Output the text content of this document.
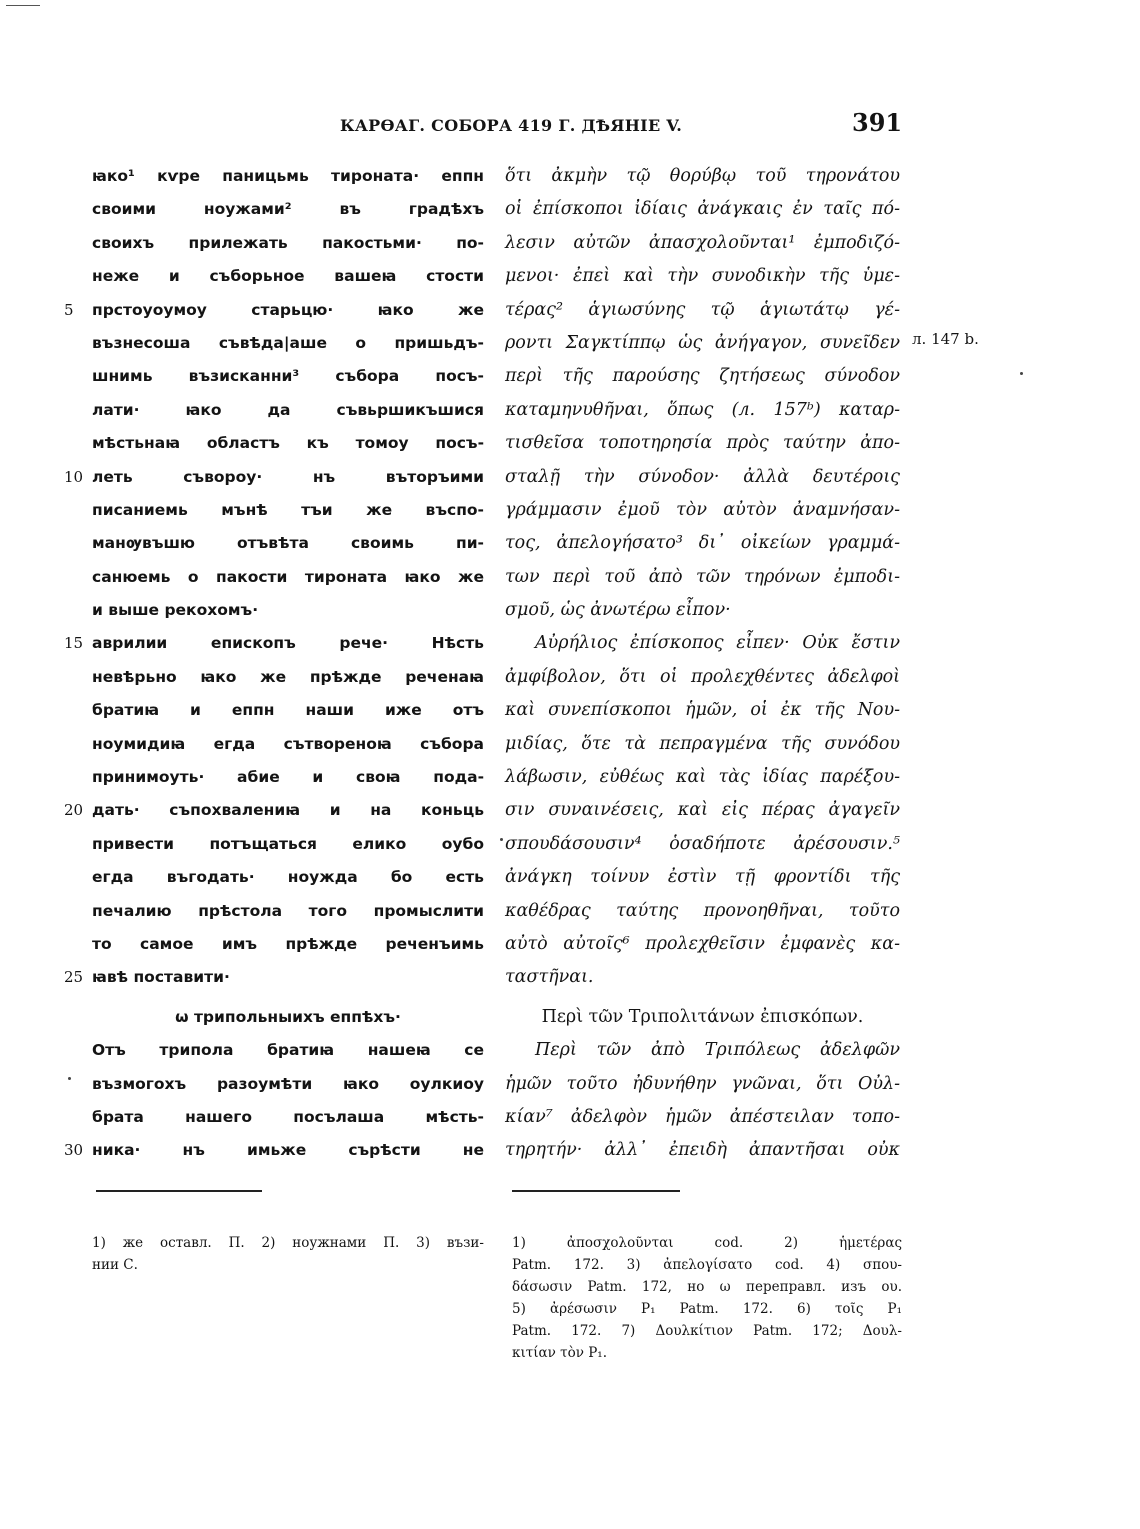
КАРѲАГ. СОБОРА 419 Г. ДѢЯНІЕ V.	391
ꙗко¹ кѵре паницьмь тироната· еппн
своими ноужами² въ градѣхъ
своихъ прилежать пакостьми· по-
неже и съборьное вашеꙗ стости
5	прстоуоумоу старьцю· ꙗко же
възнесоша съвѣда|аше о пришьдъ-
шнимь възисканни³ събора посъ-
лати· ꙗко да съвьршикъшися
мѣстьнаꙗ областъ къ томоу посъ-
10 леть съвороу· нъ въторъими
писаниемь мънѣ тъи же въспо-
манѹвъшю отъвѣта своимь пи-
санюемь о пакости тироната ꙗко же
и выше рекохомъ·
15 аврилии епископъ рече· Нѣсть
невѣрьно ꙗко же прѣжде реченаꙗ
братиꙗ и еппн наши иже отъ
ноумидиꙗ егда сътвореноꙗ събора
принимоуть· абие и своꙗ пода-
20 дать· съпохвалениꙗ и на коньць
привести потъщаться елико оубо
егда въгодать· ноужда бо есть
печалию прѣстола того промыслити
то самое имъ прѣжде реченъимь
25 ꙗвѣ поставити·
ѡ трипольныихъ еппѣхъ·
Отъ трипола братиꙗ нашеꙗ се
възмогохъ разоумѣти ꙗко оулкиоу
брата нашего посълаша мѣсть-
30 ника· нъ имьже сърѣсти не
ὅτι ἀκμὴν τῷ θορύβῳ τοῦ τηρονάτου
οἱ ἐπίσκοποι ἰδίαις ἀνάγκαις ἐν ταῖς πό-
λεσιν αὐτῶν ἀπασχολοῦνται¹ ἐμποδιζό-
μενοι· ἐπεὶ καὶ τὴν συνοδικὴν τῆς ὑμε-
τέρας² ἁγιωσύνης τῷ ἁγιωτάτῳ γέ-
ροντι Σαγκτίππῳ ὡς ἀνήγαγον, συνεῖδεν
περὶ τῆς παρούσης ζητήσεως σύνοδον
καταμηνυθῆναι, ὅπως (л. 157ᵇ) καταρ-
τισθεῖσα τοποτηρησία πρὸς ταύτην ἀπο-
σταλῇ τὴν σύνοδον· ἀλλὰ δευτέροις
γράμμασιν ἐμοῦ τὸν αὐτὸν ἀναμνήσαν-
τος, ἀπελογήσατο³ δι᾽ οἰκείων γραμμά-
των περὶ τοῦ ἀπὸ τῶν τηρόνων ἐμποδι-
σμοῦ, ὡς ἀνωτέρω εἶπον·
Αὐρήλιος ἐπίσκοπος εἶπεν· Οὐκ ἔστιν
ἀμφίβολον, ὅτι οἱ προλεχθέντες ἀδελφοὶ
καὶ συνεπίσκοποι ἡμῶν, οἱ ἐκ τῆς Νου-
μιδίας, ὅτε τὰ πεπραγμένα τῆς συνόδου
λάβωσιν, εὐθέως καὶ τὰς ἰδίας παρέξου-
σιν συναινέσεις, καὶ εἰς πέρας ἀγαγεῖν
σπουδάσουσιν⁴ ὁσαδήποτε ἀρέσουσιν.⁵
ἀνάγκη τοίνυν ἐστὶν τῇ φροντίδι τῆς
καθέδρας ταύτης προνοηθῆναι, τοῦτο
αὐτὸ αὐτοῖς⁶ προλεχθεῖσιν ἐμφανὲς κα-
ταστῆναι.
Περὶ τῶν Τριπολιτάνων ἐπισκόπων.
Περὶ τῶν ἀπὸ Τριπόλεως ἀδελφῶν
ἡμῶν τοῦτο ἠδυνήθην γνῶναι, ὅτι Οὐλ-
κίαν⁷ ἀδελφὸν ἡμῶν ἀπέστειλαν τοπο-
τηρητήν· ἀλλ᾽ ἐπειδὴ ἀπαντῆσαι οὐκ
л. 147 b.
1) же оставл. П. 2) ноужнами П. 3) възи-
нии С.
1) ἀποσχολοῦνται cod. 2) ἡμετέρας
Patm. 172. 3) ἀπελογίσατο cod. 4) σπου-
δάσωσιν Patm. 172, но ω переправл. изъ ου.
5) ἀρέσωσιν P₁ Patm. 172. 6) τοῖς P₁
Patm. 172. 7) Δουλκίτιον Patm. 172; Δουλ-
κιτίαν τὸν P₁.
